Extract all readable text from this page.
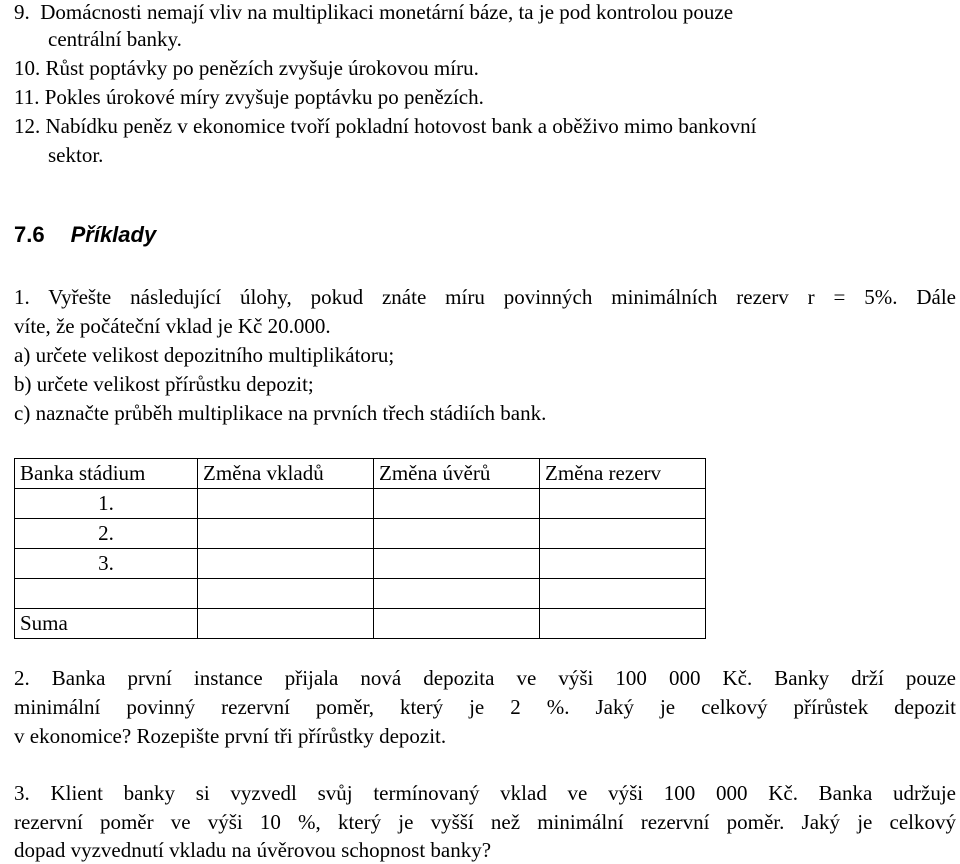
9.  Domácnosti nemají vliv na multiplikaci monetární báze, ta je pod kontrolou pouze
centrální banky.
10. Růst poptávky po penězích zvyšuje úrokovou míru.
11. Pokles úrokové míry zvyšuje poptávku po penězích.
12. Nabídku peněz v ekonomice tvoří pokladní hotovost bank a oběživo mimo bankovní
sektor.
7.6 Příklady
1. Vyřešte následující úlohy, pokud znáte míru povinných minimálních rezerv r = 5%. Dále
víte, že počáteční vklad je Kč 20.000.
a) určete velikost depozitního multiplikátoru;
b) určete velikost přírůstku depozit;
c) naznačte průběh multiplikace na prvních třech stádiích bank.
Banka stádium	Změna vkladů	Změna úvěrů	Změna rezerv
1.			
2.			
3.			

Suma			
2. Banka první instance přijala nová depozita ve výši 100 000 Kč. Banky drží pouze
minimální povinný rezervní poměr, který je 2 %. Jaký je celkový přírůstek depozit
v ekonomice? Rozepište první tři přírůstky depozit.
3. Klient banky si vyzvedl svůj termínovaný vklad ve výši 100 000 Kč. Banka udržuje
rezervní poměr ve výši 10 %, který je vyšší než minimální rezervní poměr. Jaký je celkový
dopad vyzvednutí vkladu na úvěrovou schopnost banky?
